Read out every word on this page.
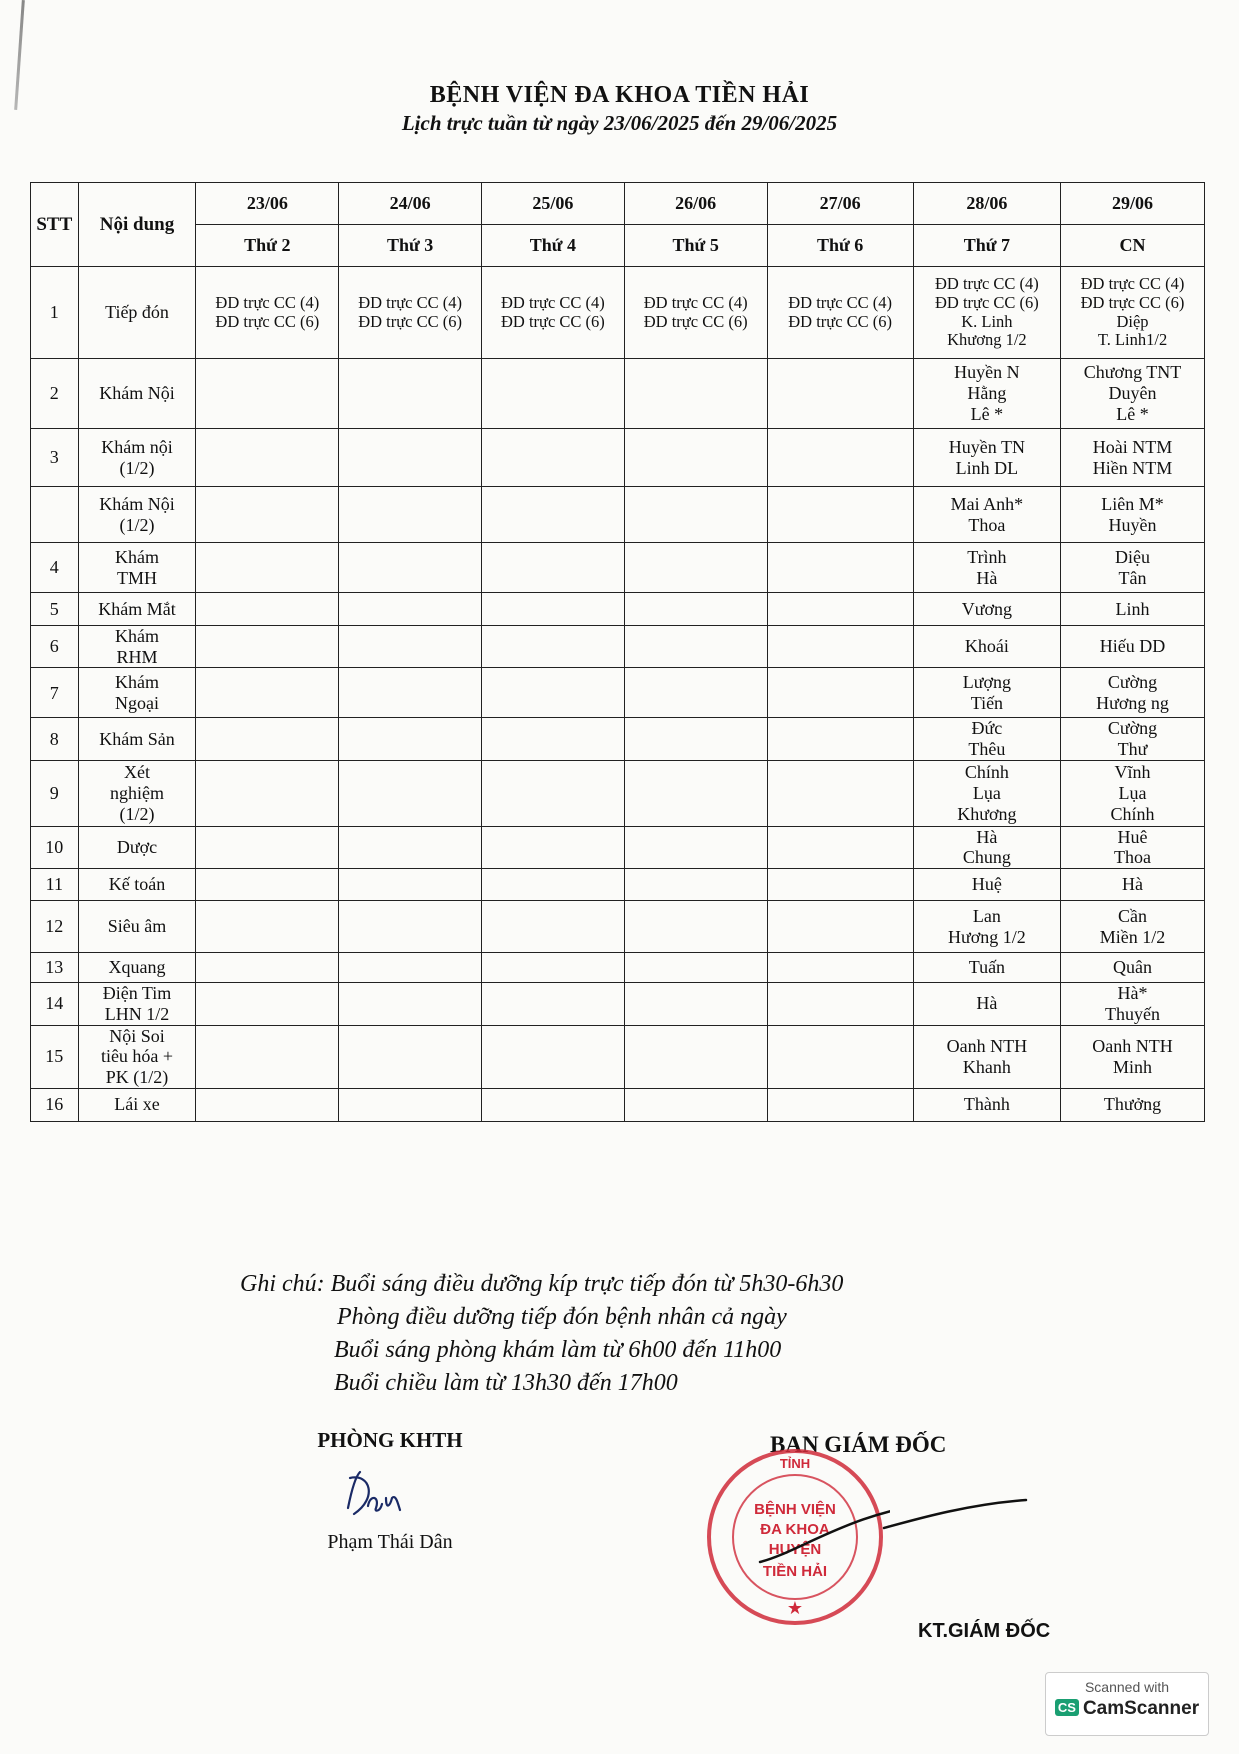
BỆNH VIỆN ĐA KHOA TIỀN HẢI
Lịch trực tuần từ ngày 23/06/2025 đến 29/06/2025
STT	Nội dung	23/06	24/06	25/06	26/06	27/06	28/06	29/06
		Thứ 2	Thứ 3	Thứ 4	Thứ 5	Thứ 6	Thứ 7	CN
1	Tiếp đón	ĐD trực CC (4)
ĐD trực CC (6)	ĐD trực CC (4)
ĐD trực CC (6)	ĐD trực CC (4)
ĐD trực CC (6)	ĐD trực CC (4)
ĐD trực CC (6)	ĐD trực CC (4)
ĐD trực CC (6)	ĐD trực CC (4)
ĐD trực CC (6)
K. Linh
Khương 1/2	ĐD trực CC (4)
ĐD trực CC (6)
Diệp
T. Linh1/2

2	Khám Nội						Huyền N
Hằng
Lê *	Chương TNT
Duyên
Lê *

3	Khám nội
(1/2)						Huyền TN
Linh DL	Hoài NTM
Hiền NTM

	Khám Nội
(1/2)						Mai Anh*
Thoa	Liên M*
Huyền

4	Khám
TMH						Trình
Hà	Diệu
Tân

5	Khám Mắt						Vương	Linh

6	Khám
RHM						Khoái	Hiếu DD

7	Khám
Ngoại						Lượng
Tiến	Cường
Hương ng

8	Khám Sản						Đức
Thêu	Cường
Thư

9	Xét
nghiệm
(1/2)						Chính
Lụa
Khương	Vĩnh
Lụa
Chính

10	Dược						Hà
Chung	Huê
Thoa

11	Kế toán						Huệ	Hà

12	Siêu âm						Lan
Hương 1/2	Cần
Miền 1/2

13	Xquang						Tuấn	Quân

14	Điện Tim
LHN 1/2						Hà	Hà*
Thuyến

15	Nội Soi
tiêu hóa +
PK (1/2)						Oanh NTH
Khanh	Oanh NTH
Minh

16	Lái xe						Thành	Thưởng
Ghi chú: Buổi sáng điều dưỡng kíp trực tiếp đón từ 5h30-6h30
Phòng điều dưỡng tiếp đón bệnh nhân cả ngày
Buổi sáng phòng khám làm từ 6h00 đến 11h00
Buổi chiều làm từ 13h30 đến 17h00
PHÒNG KHTH
Phạm Thái Dân
BAN GIÁM ĐỐC
TỈNH
BỆNH VIỆN
ĐA KHOA
HUYỆN
TIỀN HẢI
★
KT.GIÁM ĐỐC
Scanned with
CS CamScanner
